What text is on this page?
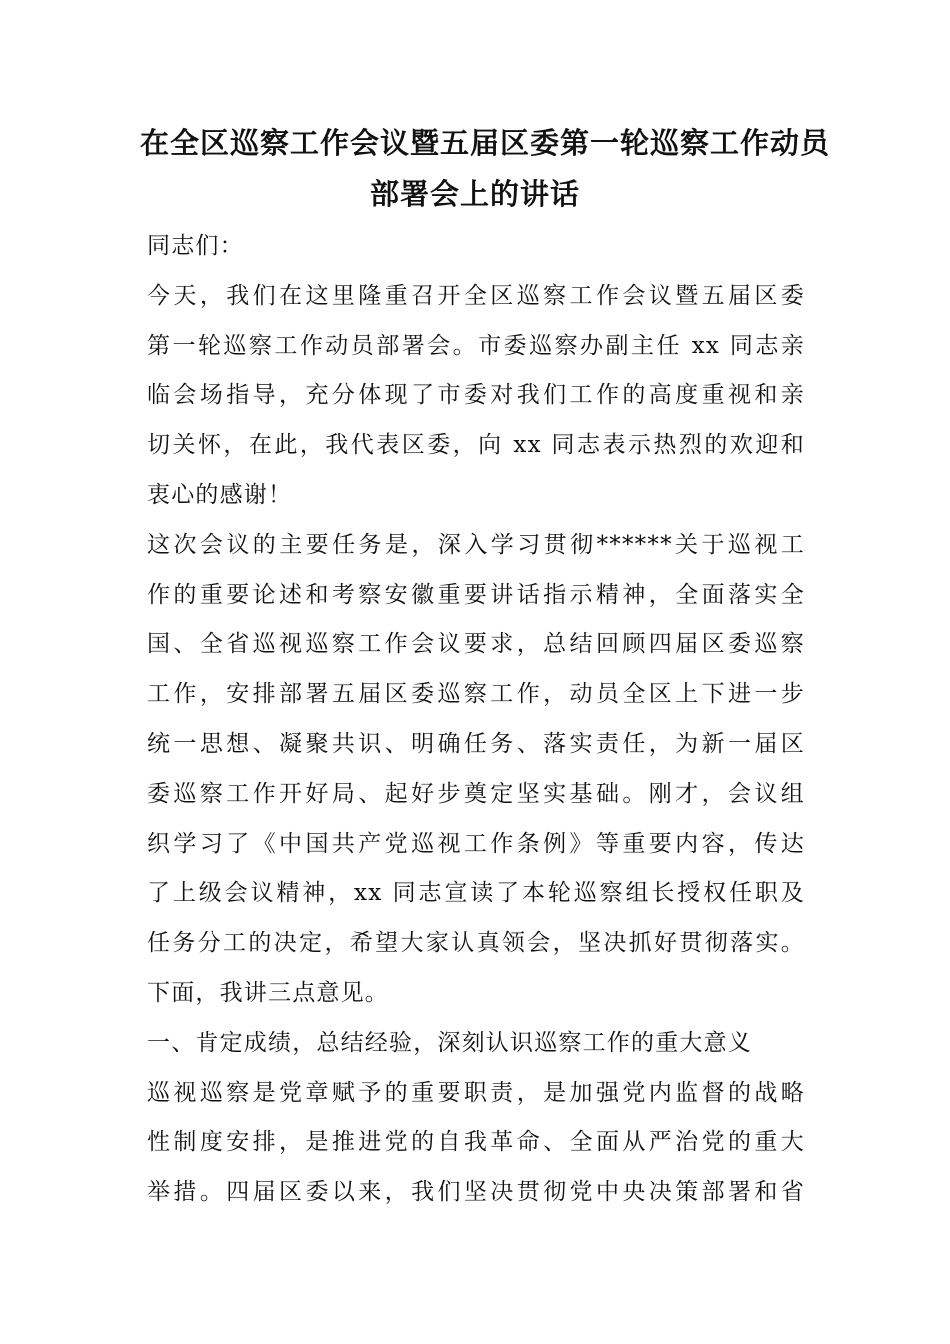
在全区巡察工作会议暨五届区委第一轮巡察工作动员
部署会上的讲话
同志们：
今天，我们在这里隆重召开全区巡察工作会议暨五届区委
第一轮巡察工作动员部署会。市委巡察办副主任 xx 同志亲
临会场指导，充分体现了市委对我们工作的高度重视和亲
切关怀，在此，我代表区委，向 xx 同志表示热烈的欢迎和
衷心的感谢！
这次会议的主要任务是，深入学习贯彻******关于巡视工
作的重要论述和考察安徽重要讲话指示精神，全面落实全
国、全省巡视巡察工作会议要求，总结回顾四届区委巡察
工作，安排部署五届区委巡察工作，动员全区上下进一步
统一思想、凝聚共识、明确任务、落实责任，为新一届区
委巡察工作开好局、起好步奠定坚实基础。刚才，会议组
织学习了《中国共产党巡视工作条例》等重要内容，传达
了上级会议精神，xx 同志宣读了本轮巡察组长授权任职及
任务分工的决定，希望大家认真领会，坚决抓好贯彻落实。
下面，我讲三点意见。
一、肯定成绩，总结经验，深刻认识巡察工作的重大意义
巡视巡察是党章赋予的重要职责，是加强党内监督的战略
性制度安排，是推进党的自我革命、全面从严治党的重大
举措。四届区委以来，我们坚决贯彻党中央决策部署和省
